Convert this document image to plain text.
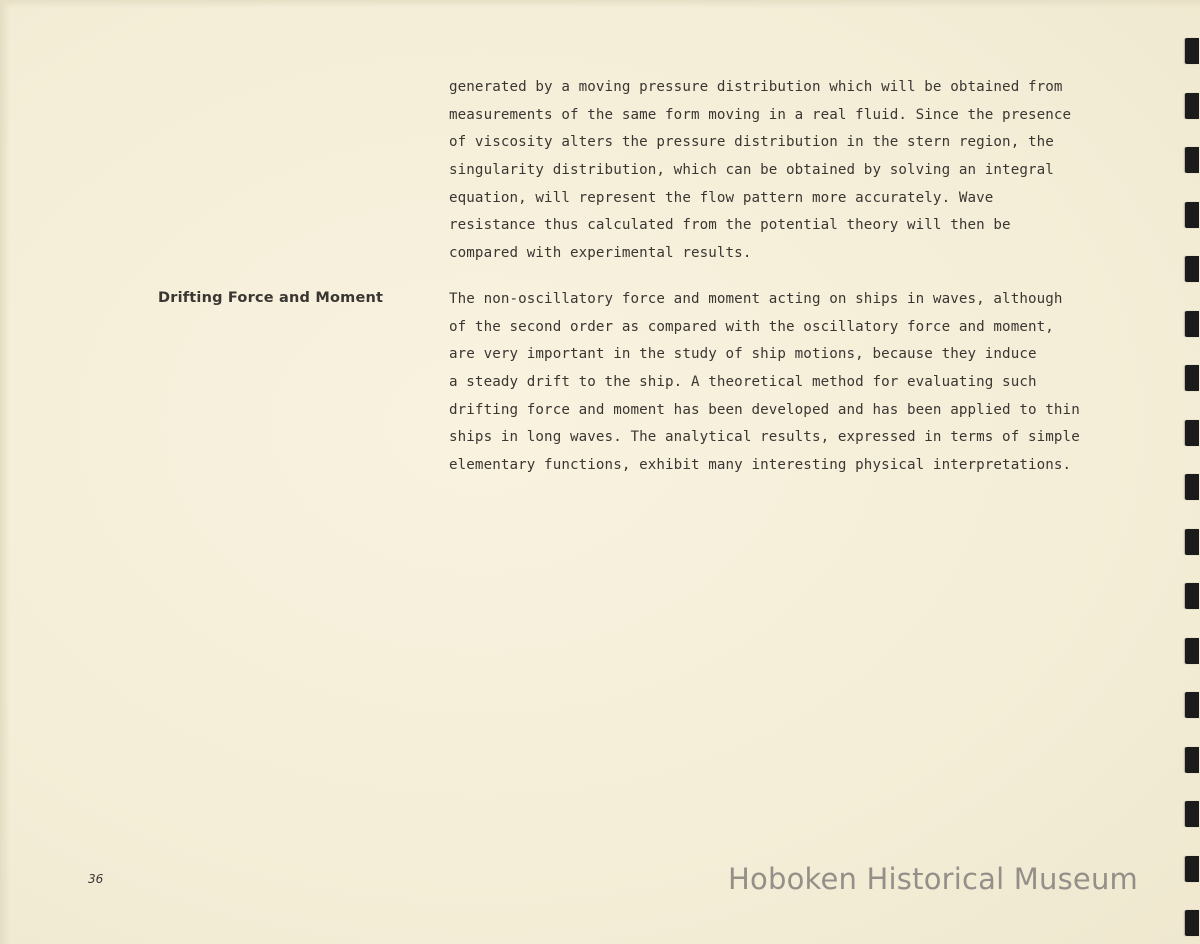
generated by a moving pressure distribution which will be obtained from
measurements of the same form moving in a real fluid. Since the presence
of viscosity alters the pressure distribution in the stern region, the
singularity distribution, which can be obtained by solving an integral
equation, will represent the flow pattern more accurately. Wave
resistance thus calculated from the potential theory will then be
compared with experimental results.
Drifting Force and Moment	The non-oscillatory force and moment acting on ships in waves, although
of the second order as compared with the oscillatory force and moment,
are very important in the study of ship motions, because they induce
a steady drift to the ship. A theoretical method for evaluating such
drifting force and moment has been developed and has been applied to thin
ships in long waves. The analytical results, expressed in terms of simple
elementary functions, exhibit many interesting physical interpretations.
36	Hoboken Historical Museum
